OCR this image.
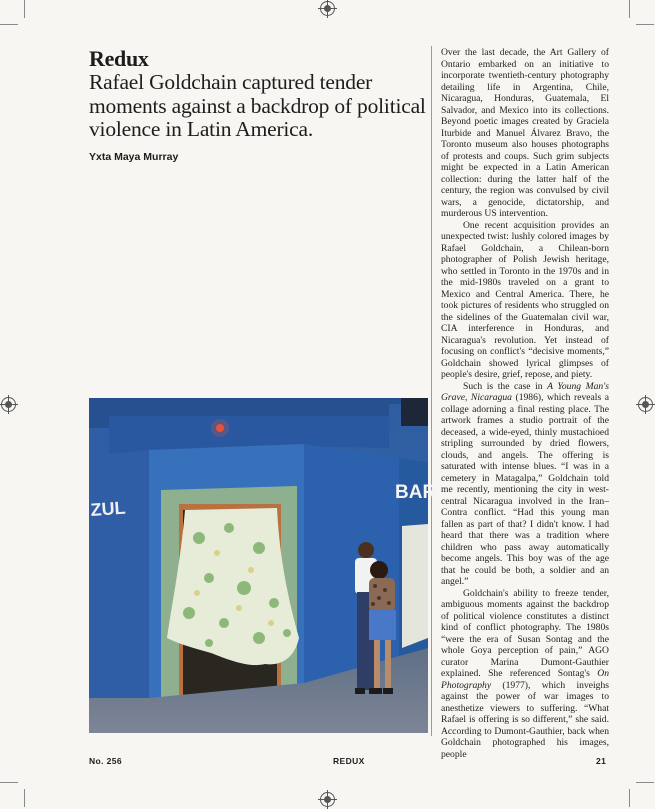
Redux
Rafael Goldchain captured tender moments against a backdrop of political violence in Latin America.
Yxta Maya Murray

Over the last decade, the Art Gallery of Ontario embarked on an initiative to incorporate twentieth-century photography detailing life in Argentina, Chile, Nicaragua, Honduras, Guatemala, El Salvador, and Mexico into its collections. Beyond poetic images created by Graciela Iturbide and Manuel Álvarez Bravo, the Toronto museum also houses photographs of protests and coups. Such grim subjects might be expected in a Latin American collection: during the latter half of the century, the region was convulsed by civil wars, a genocide, dictatorship, and murderous US intervention.

One recent acquisition provides an unexpected twist: lushly colored images by Rafael Goldchain, a Chilean-born photographer of Polish Jewish heritage, who settled in Toronto in the 1970s and in the mid-1980s traveled on a grant to Mexico and Central America. There, he took pictures of residents who struggled on the sidelines of the Guatemalan civil war, CIA interference in Honduras, and Nicaragua's revolution. Yet instead of focusing on conflict's “decisive moments,” Goldchain showed lyrical glimpses of people's desire, grief, repose, and piety.

Such is the case in A Young Man's Grave, Nicaragua (1986), which reveals a collage adorning a final resting place. The artwork frames a studio portrait of the deceased, a wide-eyed, thinly mustachioed stripling surrounded by dried flowers, clouds, and angels. The offering is saturated with intense blues. “I was in a cemetery in Matagalpa,” Goldchain told me recently, mentioning the city in west-central Nicaragua involved in the Iran–Contra conflict. “Had this young man fallen as part of that? I didn't know. I had heard that there was a tradition where children who pass away automatically become angels. This boy was of the age that he could be both, a soldier and an angel.”

Goldchain's ability to freeze tender, ambiguous moments against the backdrop of political violence constitutes a distinct kind of conflict photography. The 1980s “were the era of Susan Sontag and the whole Goya perception of pain,” AGO curator Marina Dumont-Gauthier explained. She referenced Sontag's On Photography (1977), which inveighs against the power of war images to anesthetize viewers to suffering. “What Rafael is offering is so different,” she said. According to Dumont-Gauthier, back when Goldchain photographed his images, people

ZUL
BAR
No. 256	REDUX	21
